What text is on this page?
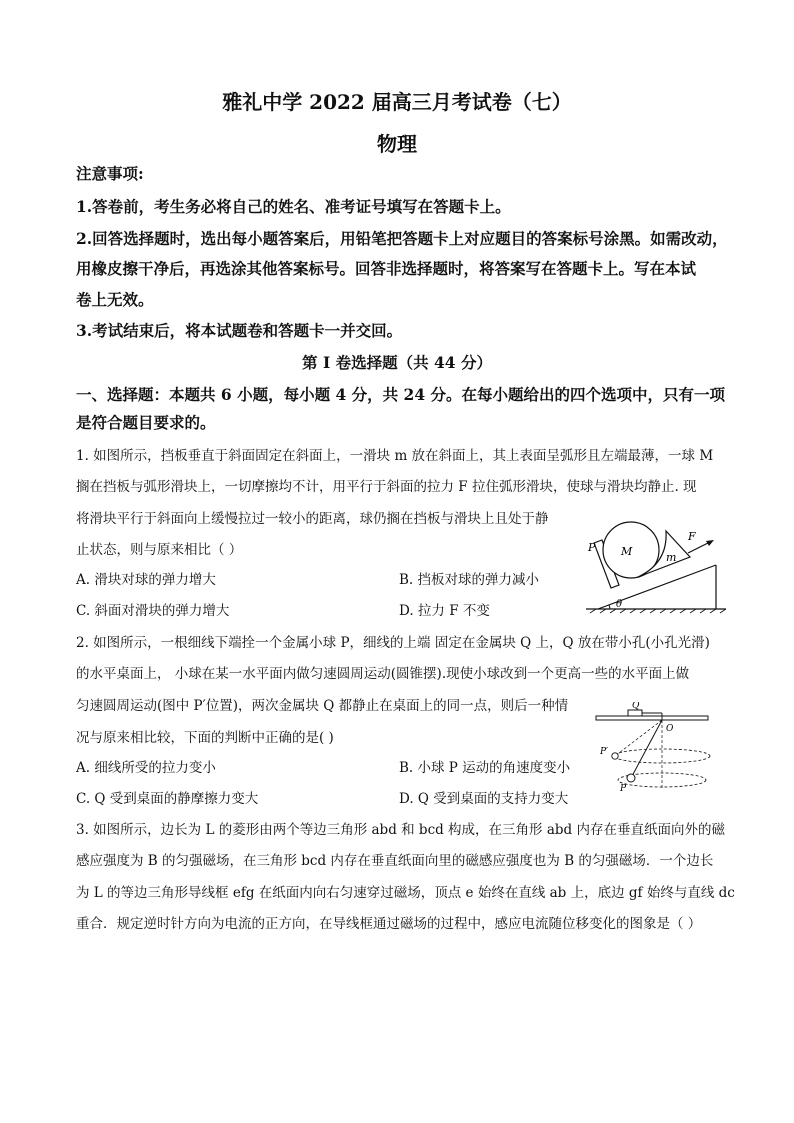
雅礼中学 2022 届高三月考试卷（七）
物理
注意事项:
1.答卷前，考生务必将自己的姓名、准考证号填写在答题卡上。
2.回答选择题时，选出每小题答案后，用铅笔把答题卡上对应题目的答案标号涂黑。如需改动，
用橡皮擦干净后，再选涂其他答案标号。回答非选择题时，将答案写在答题卡上。写在本试
卷上无效。
3.考试结束后，将本试题卷和答题卡一并交回。
第 I 卷选择题（共 44 分）
一、选择题：本题共 6 小题，每小题 4 分，共 24 分。在每小题给出的四个选项中，只有一项
是符合题目要求的。
1. 如图所示，挡板垂直于斜面固定在斜面上，一滑块 m 放在斜面上，其上表面呈弧形且左端最薄，一球 M
搁在挡板与弧形滑块上，一切摩擦均不计，用平行于斜面的拉力 F 拉住弧形滑块，使球与滑块均静止. 现
将滑块平行于斜面向上缓慢拉过一较小的距离，球仍搁在挡板与滑块上且处于静
止状态，则与原来相比（ ）
A. 滑块对球的弹力增大	B. 挡板对球的弹力减小
C. 斜面对滑块的弹力增大	D. 拉力 F 不变
P M	m
F
θ
2. 如图所示，一根细线下端拴一个金属小球 P，细线的上端 固定在金属块 Q 上，Q 放在带小孔(小孔光滑)
的水平桌面上， 小球在某一水平面内做匀速圆周运动(圆锥摆).现使小球改到一个更高一些的水平面上做
匀速圆周运动(图中 P′位置)，两次金属块 Q 都静止在桌面上的同一点，则后一种情
况与原来相比较，下面的判断中正确的是( )
A. 细线所受的拉力变小	B. 小球 P 运动的角速度变小
C. Q 受到桌面的静摩擦力变大	D. Q 受到桌面的支持力变大
Q
O
P′
P
3. 如图所示，边长为 L 的菱形由两个等边三角形 abd 和 bcd 构成，在三角形 abd 内存在垂直纸面向外的磁
感应强度为 B 的匀强磁场，在三角形 bcd 内存在垂直纸面向里的磁感应强度也为 B 的匀强磁场．一个边长
为 L 的等边三角形导线框 efg 在纸面内向右匀速穿过磁场，顶点 e 始终在直线 ab 上，底边 gf 始终与直线 dc
重合．规定逆时针方向为电流的正方向，在导线框通过磁场的过程中，感应电流随位移变化的图象是（ ）
